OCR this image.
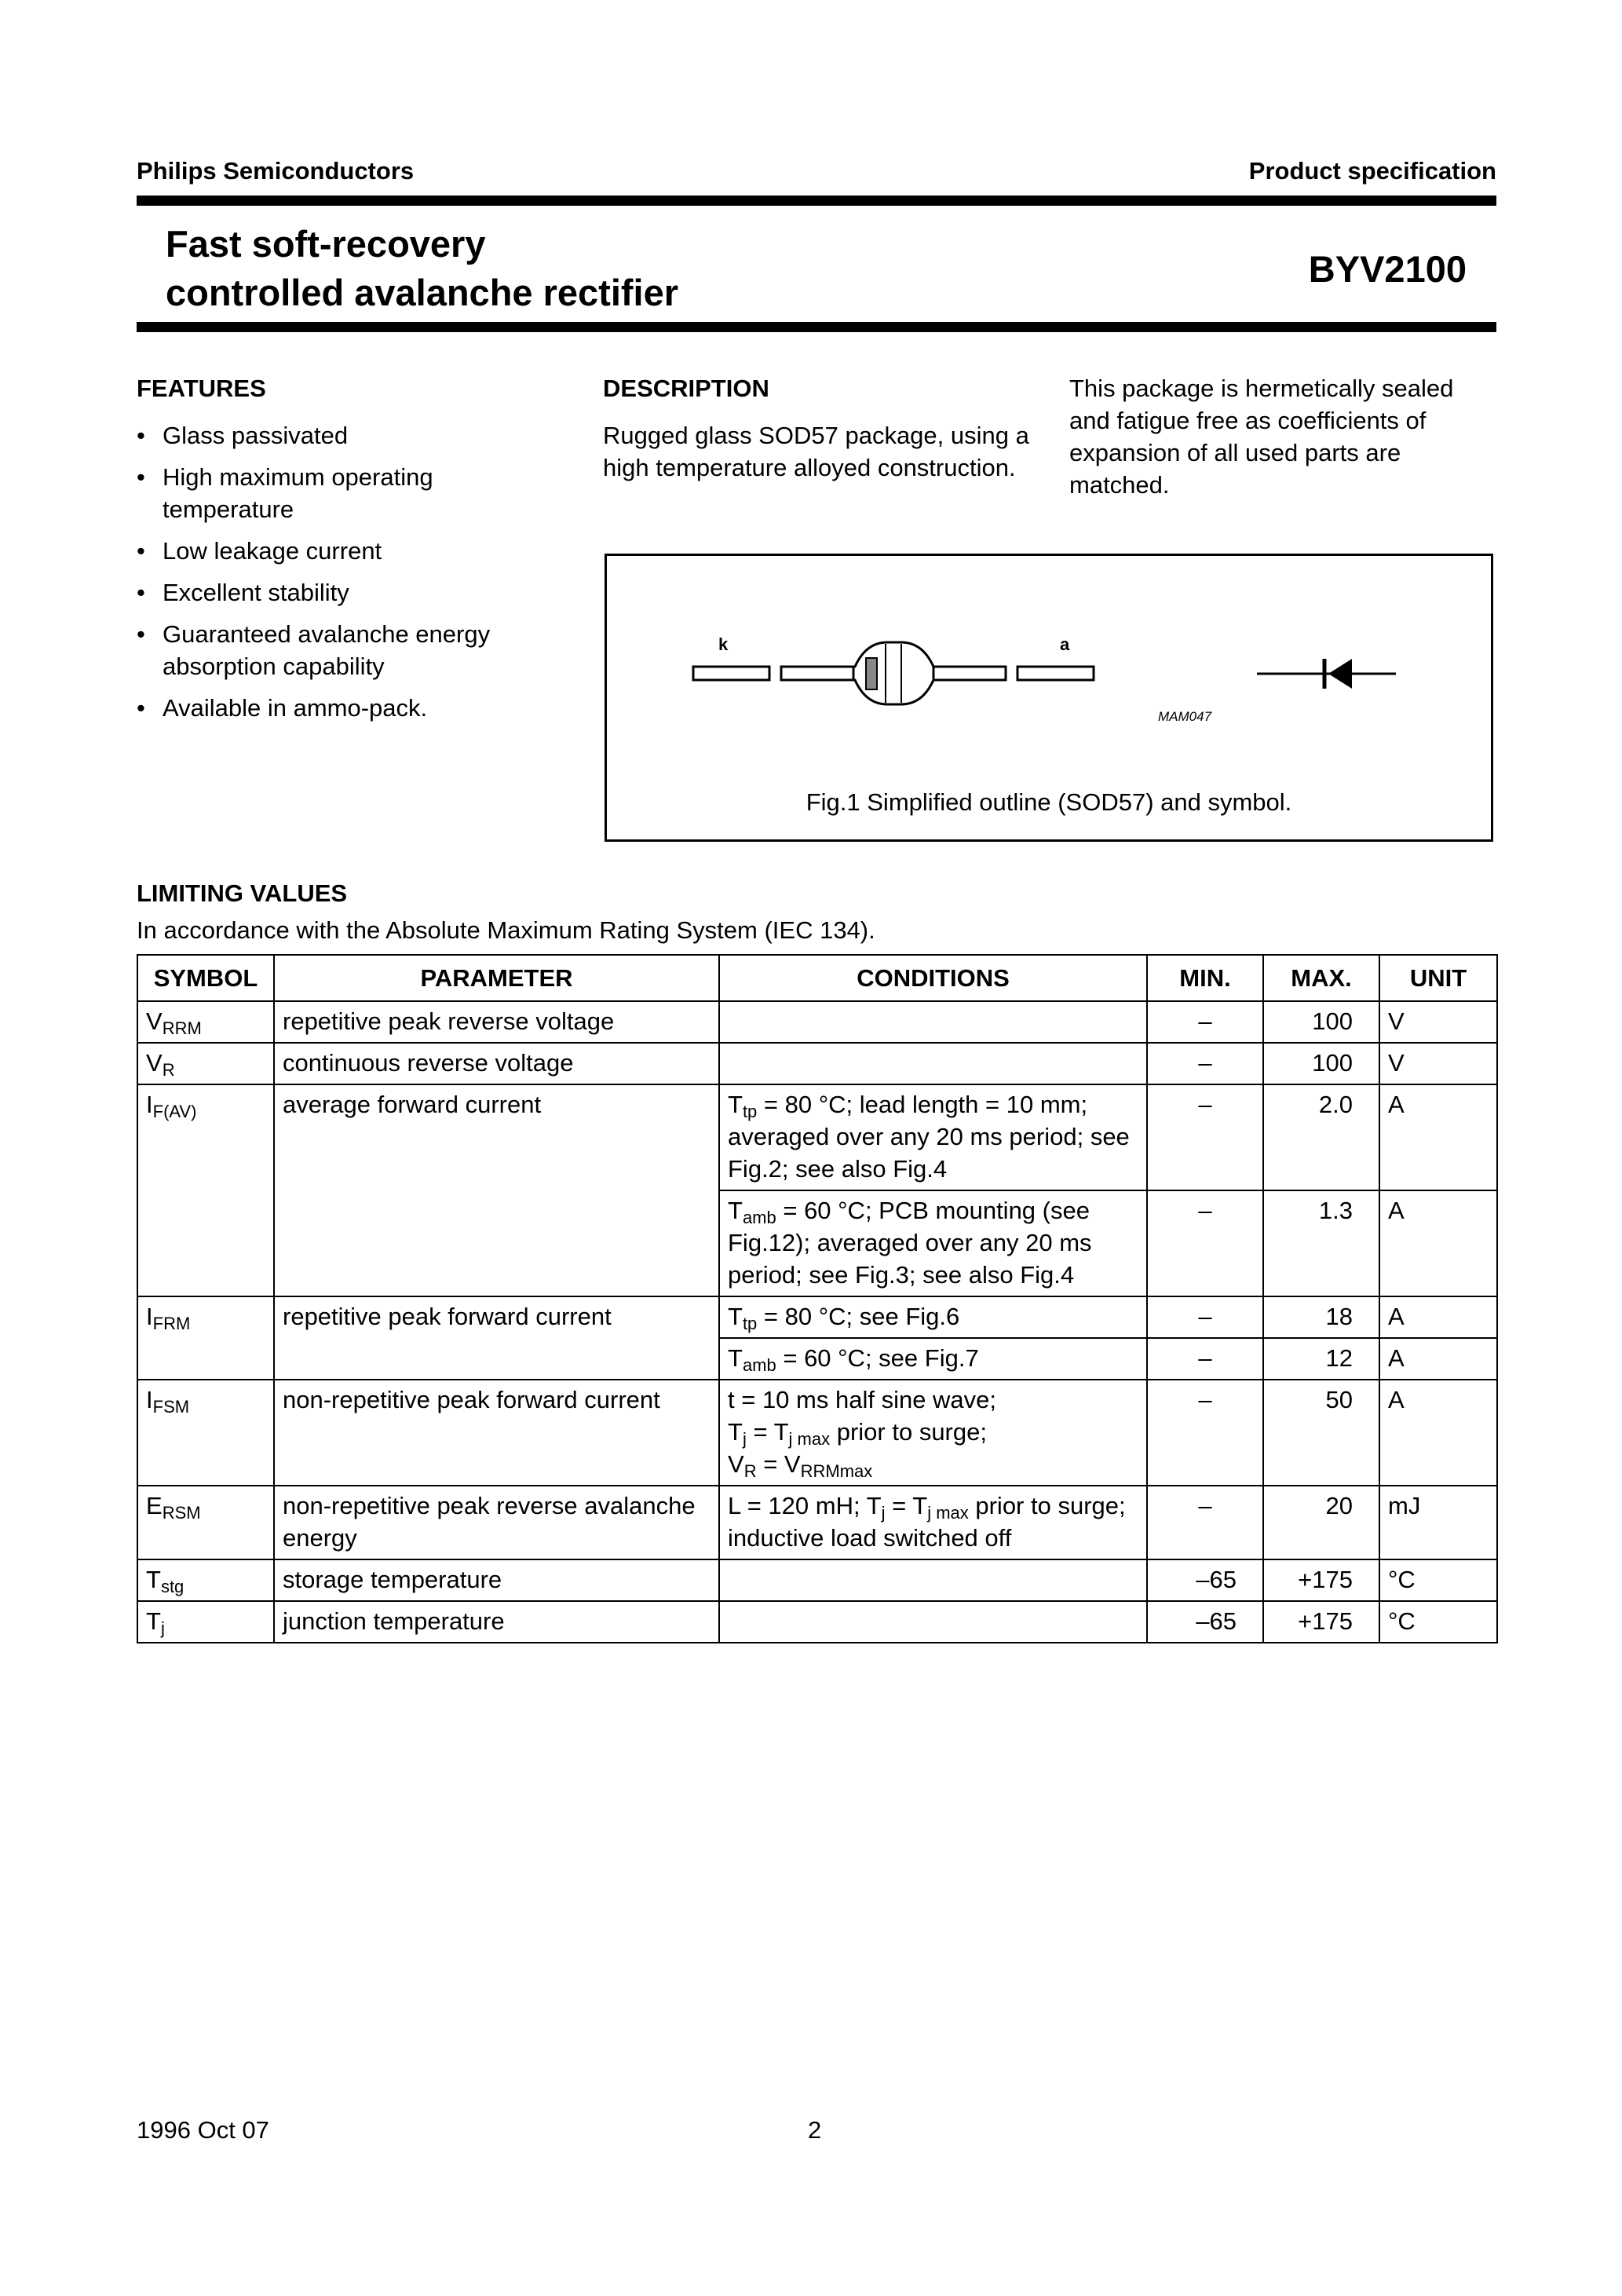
Philips Semiconductors	Product specification
Fast soft-recovery
controlled avalanche rectifier
BYV2100
FEATURES
• Glass passivated
• High maximum operating temperature
• Low leakage current
• Excellent stability
• Guaranteed avalanche energy absorption capability
• Available in ammo-pack.
DESCRIPTION
Rugged glass SOD57 package, using a high temperature alloyed construction.
This package is hermetically sealed and fatigue free as coefficients of expansion of all used parts are matched.
k	a
MAM047
Fig.1 Simplified outline (SOD57) and symbol.
LIMITING VALUES
In accordance with the Absolute Maximum Rating System (IEC 134).
SYMBOL	PARAMETER	CONDITIONS	MIN.	MAX.	UNIT
$V_{RRM}$	repetitive peak reverse voltage		–	100	V
$V_R$	continuous reverse voltage		–	100	V
$I_{F(AV)}$	average forward current	$T_{tp} = 80$ °C; lead length = 10 mm; averaged over any 20 ms period; see Fig.2; see also Fig.4	–	2.0	A
		$T_{amb} = 60$ °C; PCB mounting (see Fig.12); averaged over any 20 ms period; see Fig.3; see also Fig.4	–	1.3	A
$I_{FRM}$	repetitive peak forward current	$T_{tp} = 80$ °C; see Fig.6	–	18	A
		$T_{amb} = 60$ °C; see Fig.7	–	12	A
$I_{FSM}$	non-repetitive peak forward current	t = 10 ms half sine wave;
$T_j = T_{j max}$ prior to surge;
$V_R = V_{RRMmax}$	–	50	A
$E_{RSM}$	non-repetitive peak reverse avalanche energy	L = 120 mH; $T_j = T_{j max}$ prior to surge; inductive load switched off	–	20	mJ
$T_{stg}$	storage temperature		–65	+175	°C
$T_j$	junction temperature		–65	+175	°C
1996 Oct 07	2
